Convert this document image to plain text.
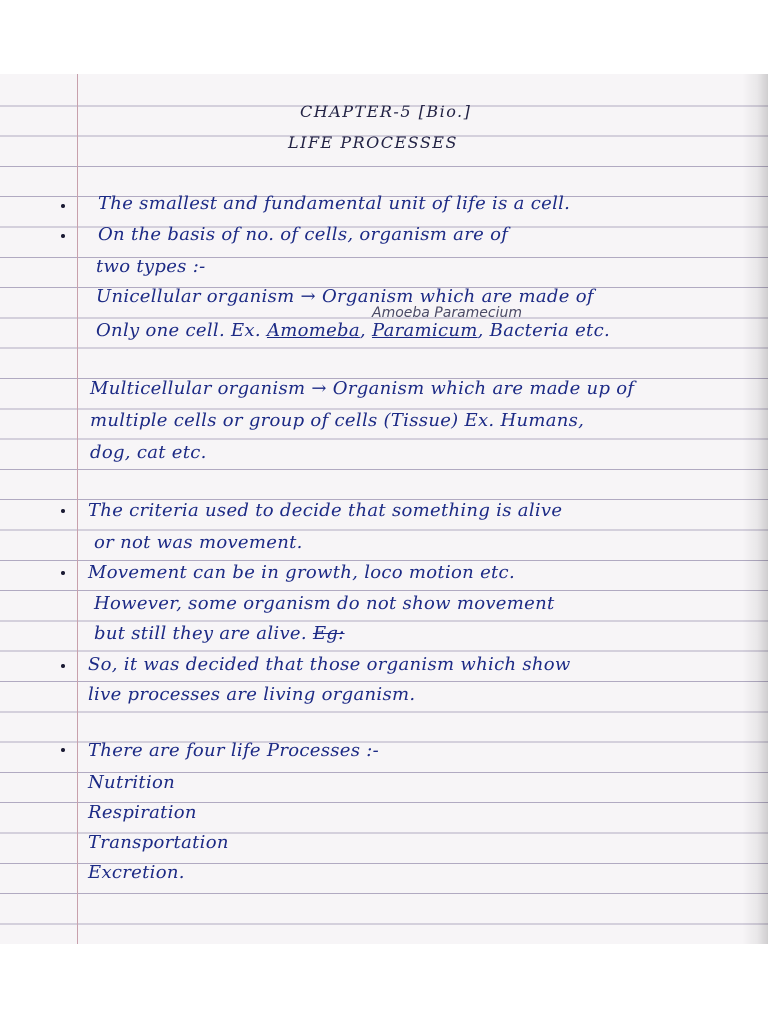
CHAPTER-5 [Bio.]
LIFE PROCESSES
The smallest and fundamental unit of life is a cell.
On the basis of no. of cells, organism are of
two types :-
Unicellular organism → Organism which are made of
Amoeba Paramecium
Only one cell. Ex. Amomeba, Paramicum, Bacteria etc.
Multicellular organism → Organism which are made up of
multiple cells or group of cells (Tissue) Ex. Humans,
dog, cat etc.
The criteria used to decide that something is alive
or not was movement.
Movement can be in growth, loco motion etc.
However, some organism do not show movement
but still they are alive. Eg:
So, it was decided that those organism which show
live processes are living organism.
There are four life Processes :-
Nutrition
Respiration
Transportation
Excretion.
